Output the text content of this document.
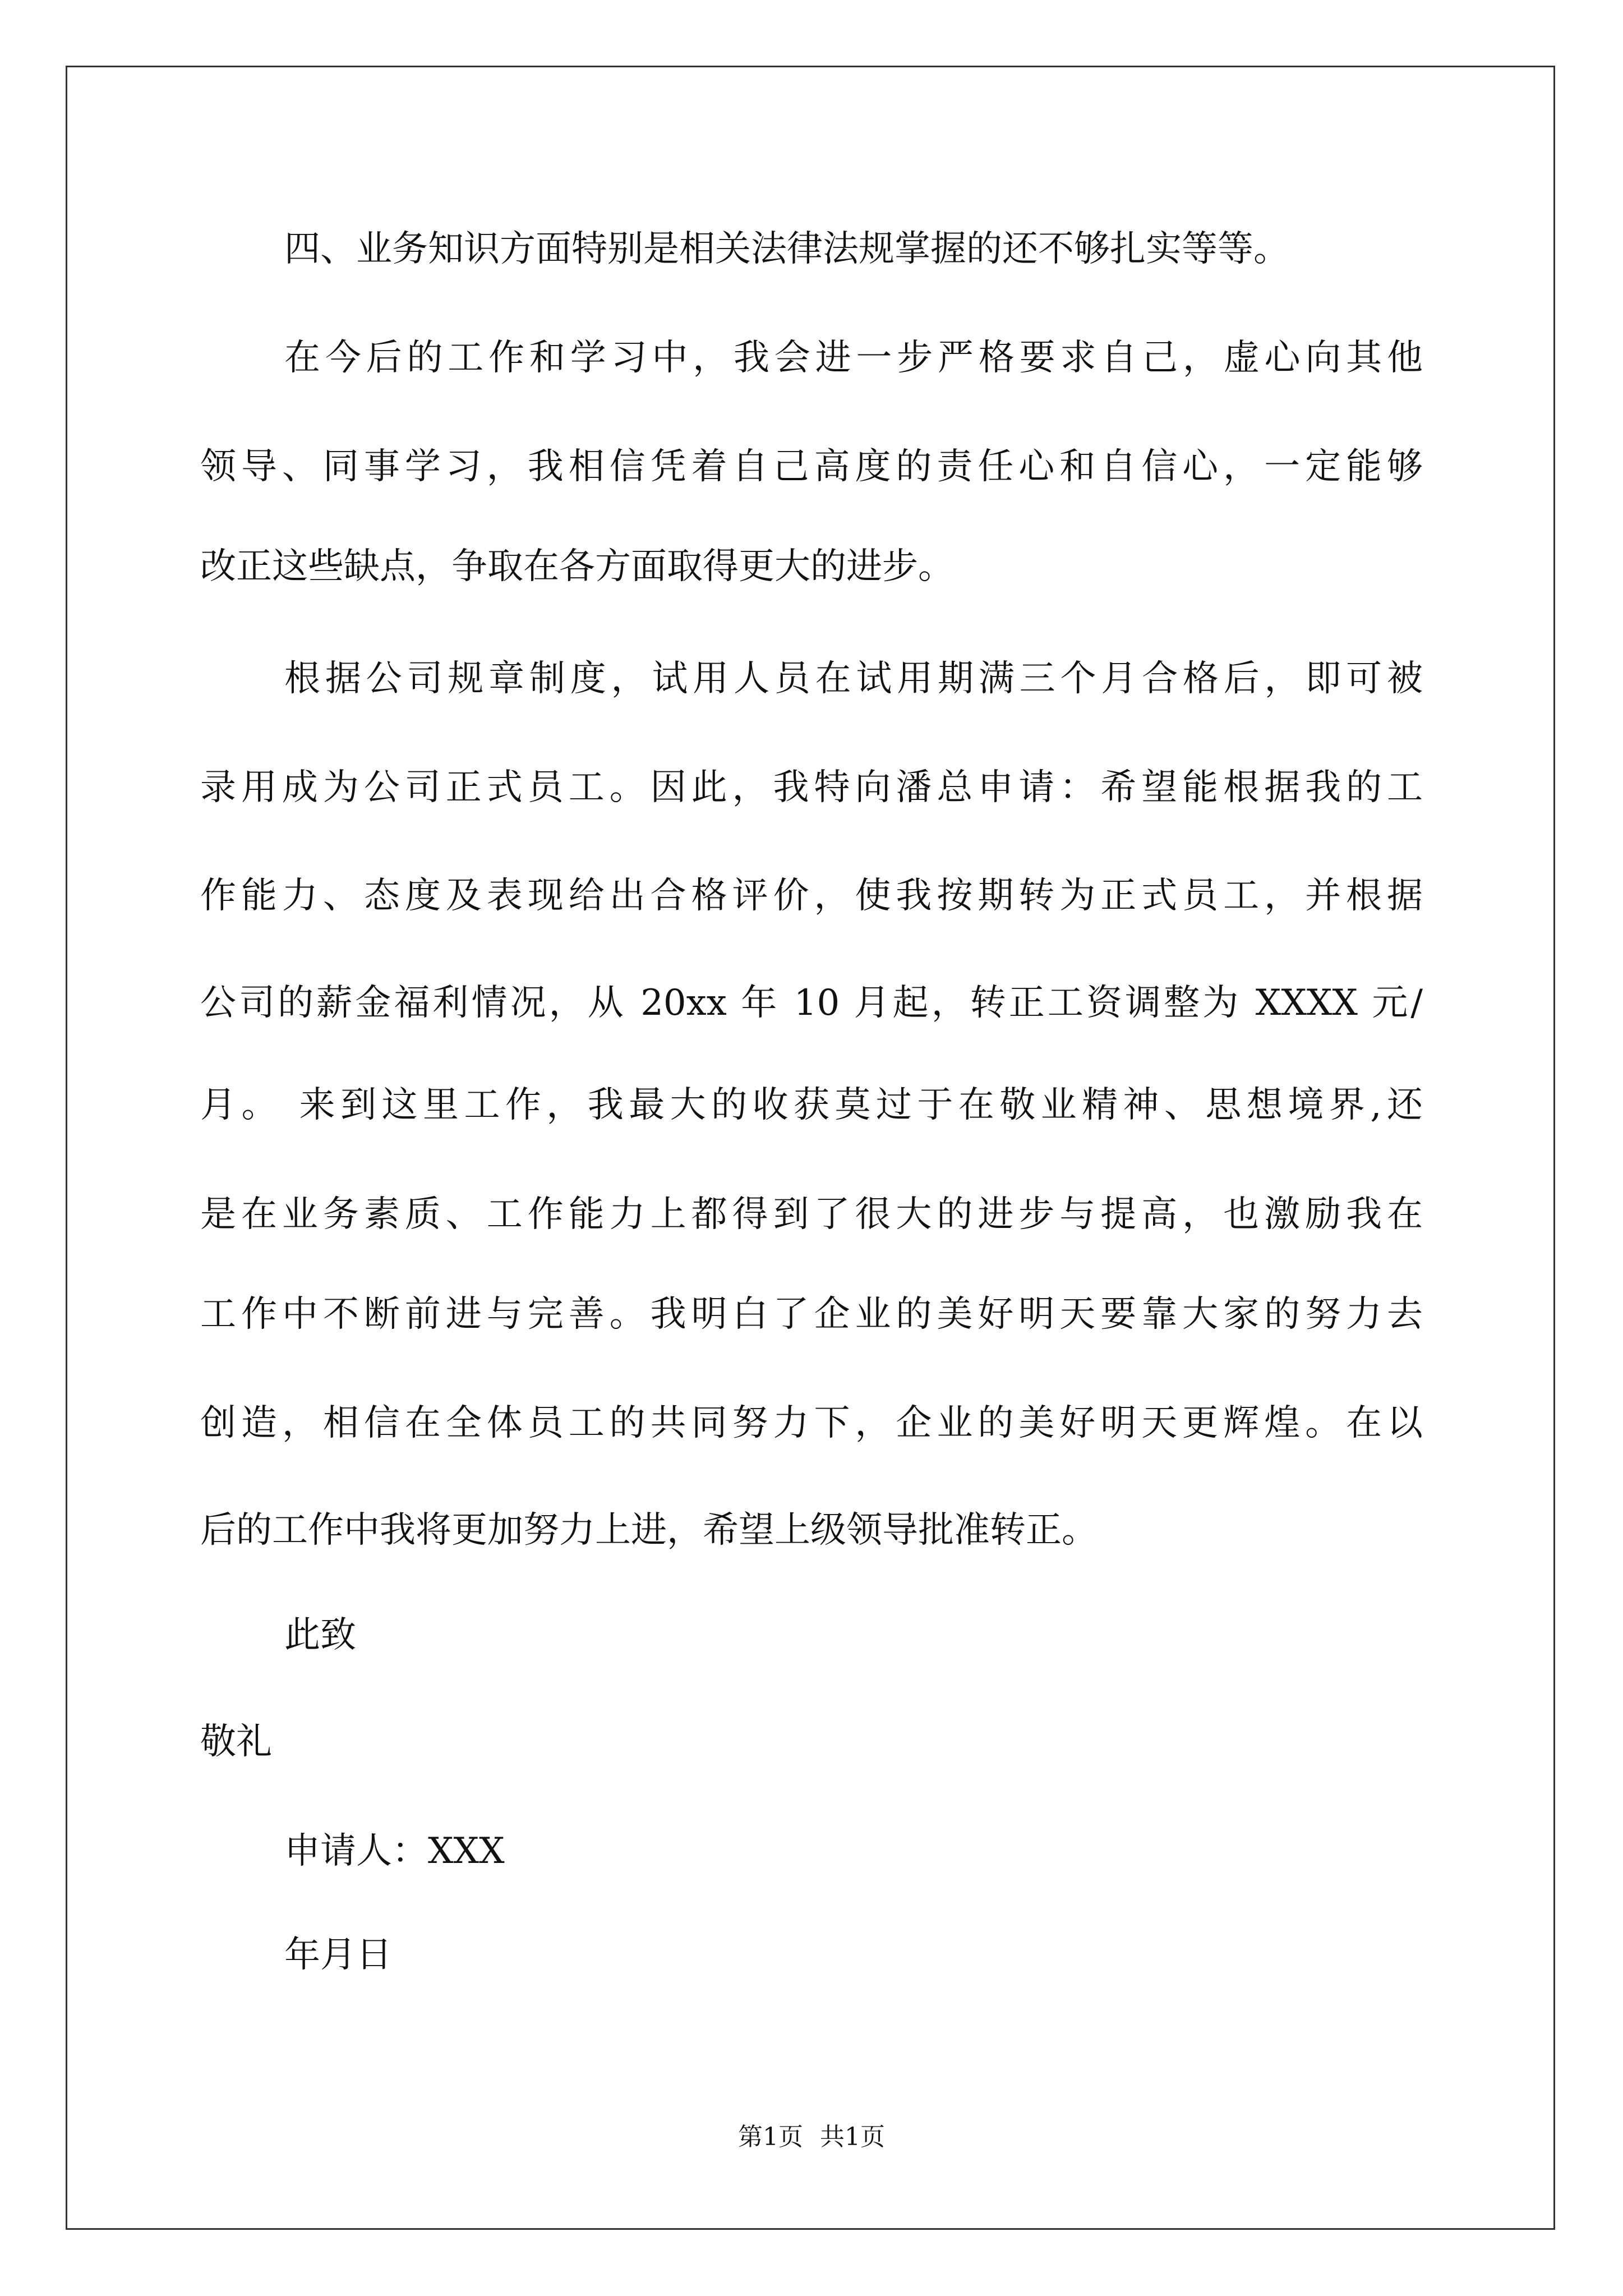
四、业务知识方面特别是相关法律法规掌握的还不够扎实等等。
在今后的工作和学习中，我会进一步严格要求自己，虚心向其他
领导、同事学习，我相信凭着自己高度的责任心和自信心，一定能够
改正这些缺点，争取在各方面取得更大的进步。
根据公司规章制度，试用人员在试用期满三个月合格后，即可被
录用成为公司正式员工。因此，我特向潘总申请：希望能根据我的工
作能力、态度及表现给出合格评价，使我按期转为正式员工，并根据
公司的薪金福利情况，从 20xx 年 10 月起，转正工资调整为 XXXX 元/
月。 来到这里工作，我最大的收获莫过于在敬业精神、思想境界,还
是在业务素质、工作能力上都得到了很大的进步与提高，也激励我在
工作中不断前进与完善。我明白了企业的美好明天要靠大家的努力去
创造，相信在全体员工的共同努力下，企业的美好明天更辉煌。在以
后的工作中我将更加努力上进，希望上级领导批准转正。
此致
敬礼
申请人：XXX
年月日
第1页 共1页
